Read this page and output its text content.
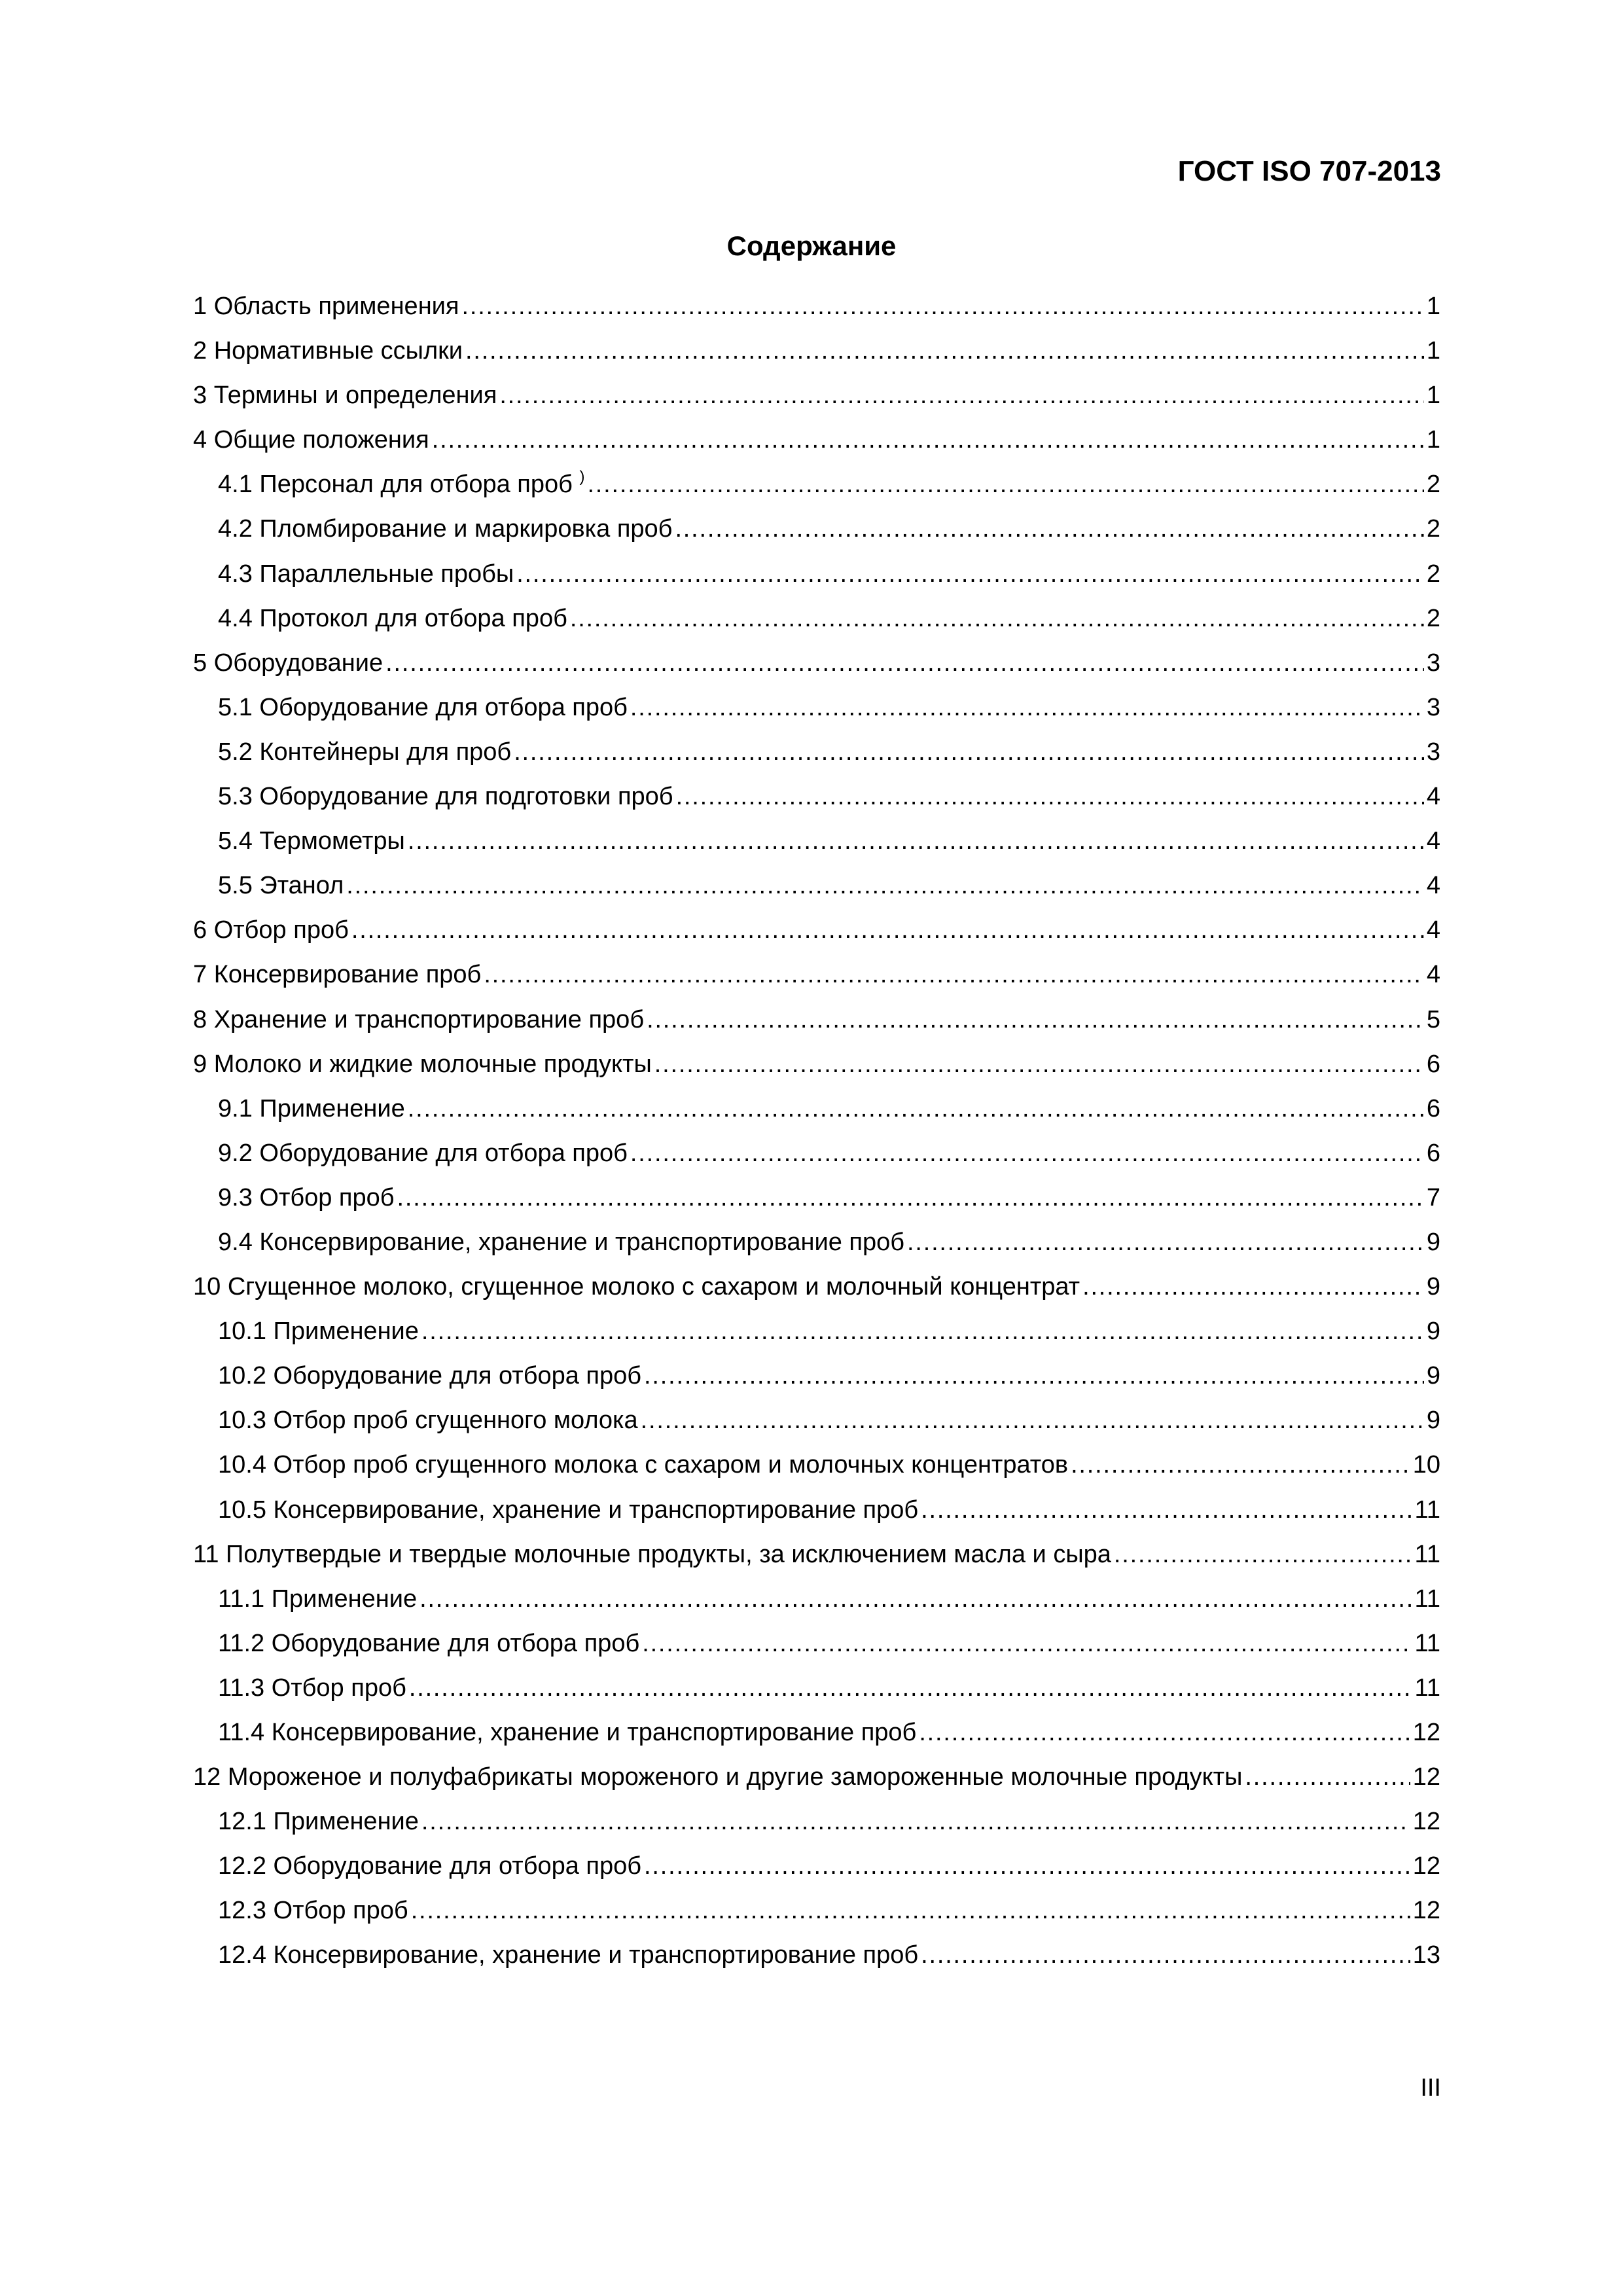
ГОСТ ISO 707-2013
Содержание
1 Область применения .....	1
2 Нормативные ссылки .....	1
3 Термины и определения .....	1
4 Общие положения .....	1
4.1 Персонал для отбора проб ) .....	2
4.2 Пломбирование и маркировка проб .....	2
4.3 Параллельные пробы .....	2
4.4 Протокол для отбора проб .....	2
5 Оборудование .....	3
5.1 Оборудование для отбора проб .....	3
5.2 Контейнеры для проб .....	3
5.3 Оборудование для подготовки проб .....	4
5.4 Термометры .....	4
5.5 Этанол .....	4
6 Отбор проб .....	4
7 Консервирование проб .....	4
8 Хранение и транспортирование проб .....	5
9 Молоко и жидкие молочные продукты .....	6
9.1 Применение .....	6
9.2 Оборудование для отбора проб .....	6
9.3 Отбор проб .....	7
9.4 Консервирование, хранение и транспортирование проб .....	9
10 Сгущенное молоко, сгущенное молоко с сахаром и молочный концентрат .....	9
10.1 Применение .....	9
10.2 Оборудование для отбора проб .....	9
10.3 Отбор проб сгущенного молока .....	9
10.4 Отбор проб сгущенного молока с сахаром и молочных концентратов .....	10
10.5 Консервирование, хранение и транспортирование проб .....	11
11 Полутвердые и твердые молочные продукты, за исключением масла и сыра .....	11
11.1 Применение .....	11
11.2 Оборудование для отбора проб .....	11
11.3 Отбор проб .....	11
11.4 Консервирование, хранение и транспортирование проб .....	12
12 Мороженое и полуфабрикаты мороженого и другие замороженные молочные продукты .....	12
12.1 Применение .....	12
12.2 Оборудование для отбора проб .....	12
12.3 Отбор проб .....	12
12.4 Консервирование, хранение и транспортирование проб .....	13
III
